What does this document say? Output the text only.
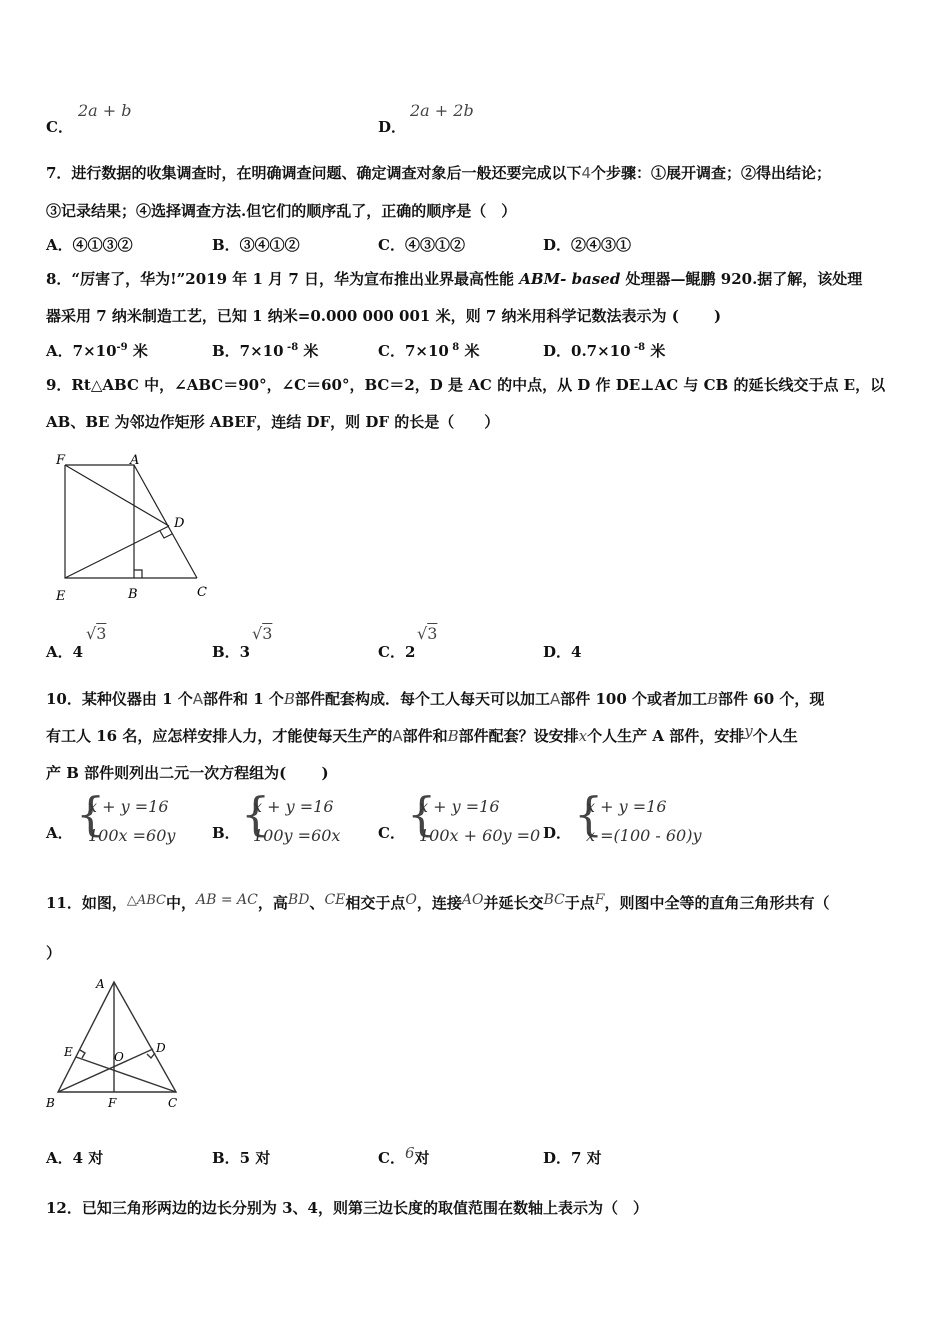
C．
2a + b
D．
2a + 2b
7．进行数据的收集调查时，在明确调查问题、确定调查对象后一般还要完成以下4个步骤：①展开调查；②得出结论；
③记录结果；④选择调查方法.但它们的顺序乱了，正确的顺序是（　）
A．④①③②	B．③④①②	C．④③①②	D．②④③①
8．“厉害了，华为!”2019 年 1 月 7 日，华为宣布推出业界最高性能 ABM- based 处理器—鲲鹏 920.据了解，该处理
器采用 7 纳米制造工艺，已知 1 纳米=0.000 000 001 米，则 7 纳米用科学记数法表示为 (　　 )
A．$7\times 10^{-9}$ 米	B．7×10 $^{-8}$ 米	C．7×10 $^8$ 米	D．0.7×10 $^{-8}$ 米
9．Rt△ABC 中，∠ABC＝90°，∠C＝60°，BC＝2，D 是 AC 的中点，从 D 作 DE⊥AC 与 CB 的延长线交于点 E，以
AB、BE 为邻边作矩形 ABEF，连结 DF，则 DF 的长是（　　）
F	A
D
E	B	C
A．4
√3
B．3
√3
C．2
√3
D．4
10．某种仪器由 1 个A部件和 1 个B部件配套构成．每个工人每天可以加工A部件 100 个或者加工B部件 60 个，现
有工人 16 名，应怎样安排人力，才能使每天生产的A部件和B部件配套？设安排x个人生产 A 部件，安排y个人生
产 B 部件则列出二元一次方程组为(　　 )
A． {
x + y =16
100x =60y B． {
x + y =16
100y =60x	C． {
x + y =16
100x + 60y =0 D． {
x + y =16
x =(100 - 60)y
11．如图，△ABC中，AB = AC，高BD、CE相交于点O，连接AO并延长交BC于点F，则图中全等的直角三角形共有（
）
A
E	O
D
B	F	C
A．4 对	B．5 对	C．6对	D．7 对
12．已知三角形两边的边长分别为 3、4，则第三边长度的取值范围在数轴上表示为（　）
